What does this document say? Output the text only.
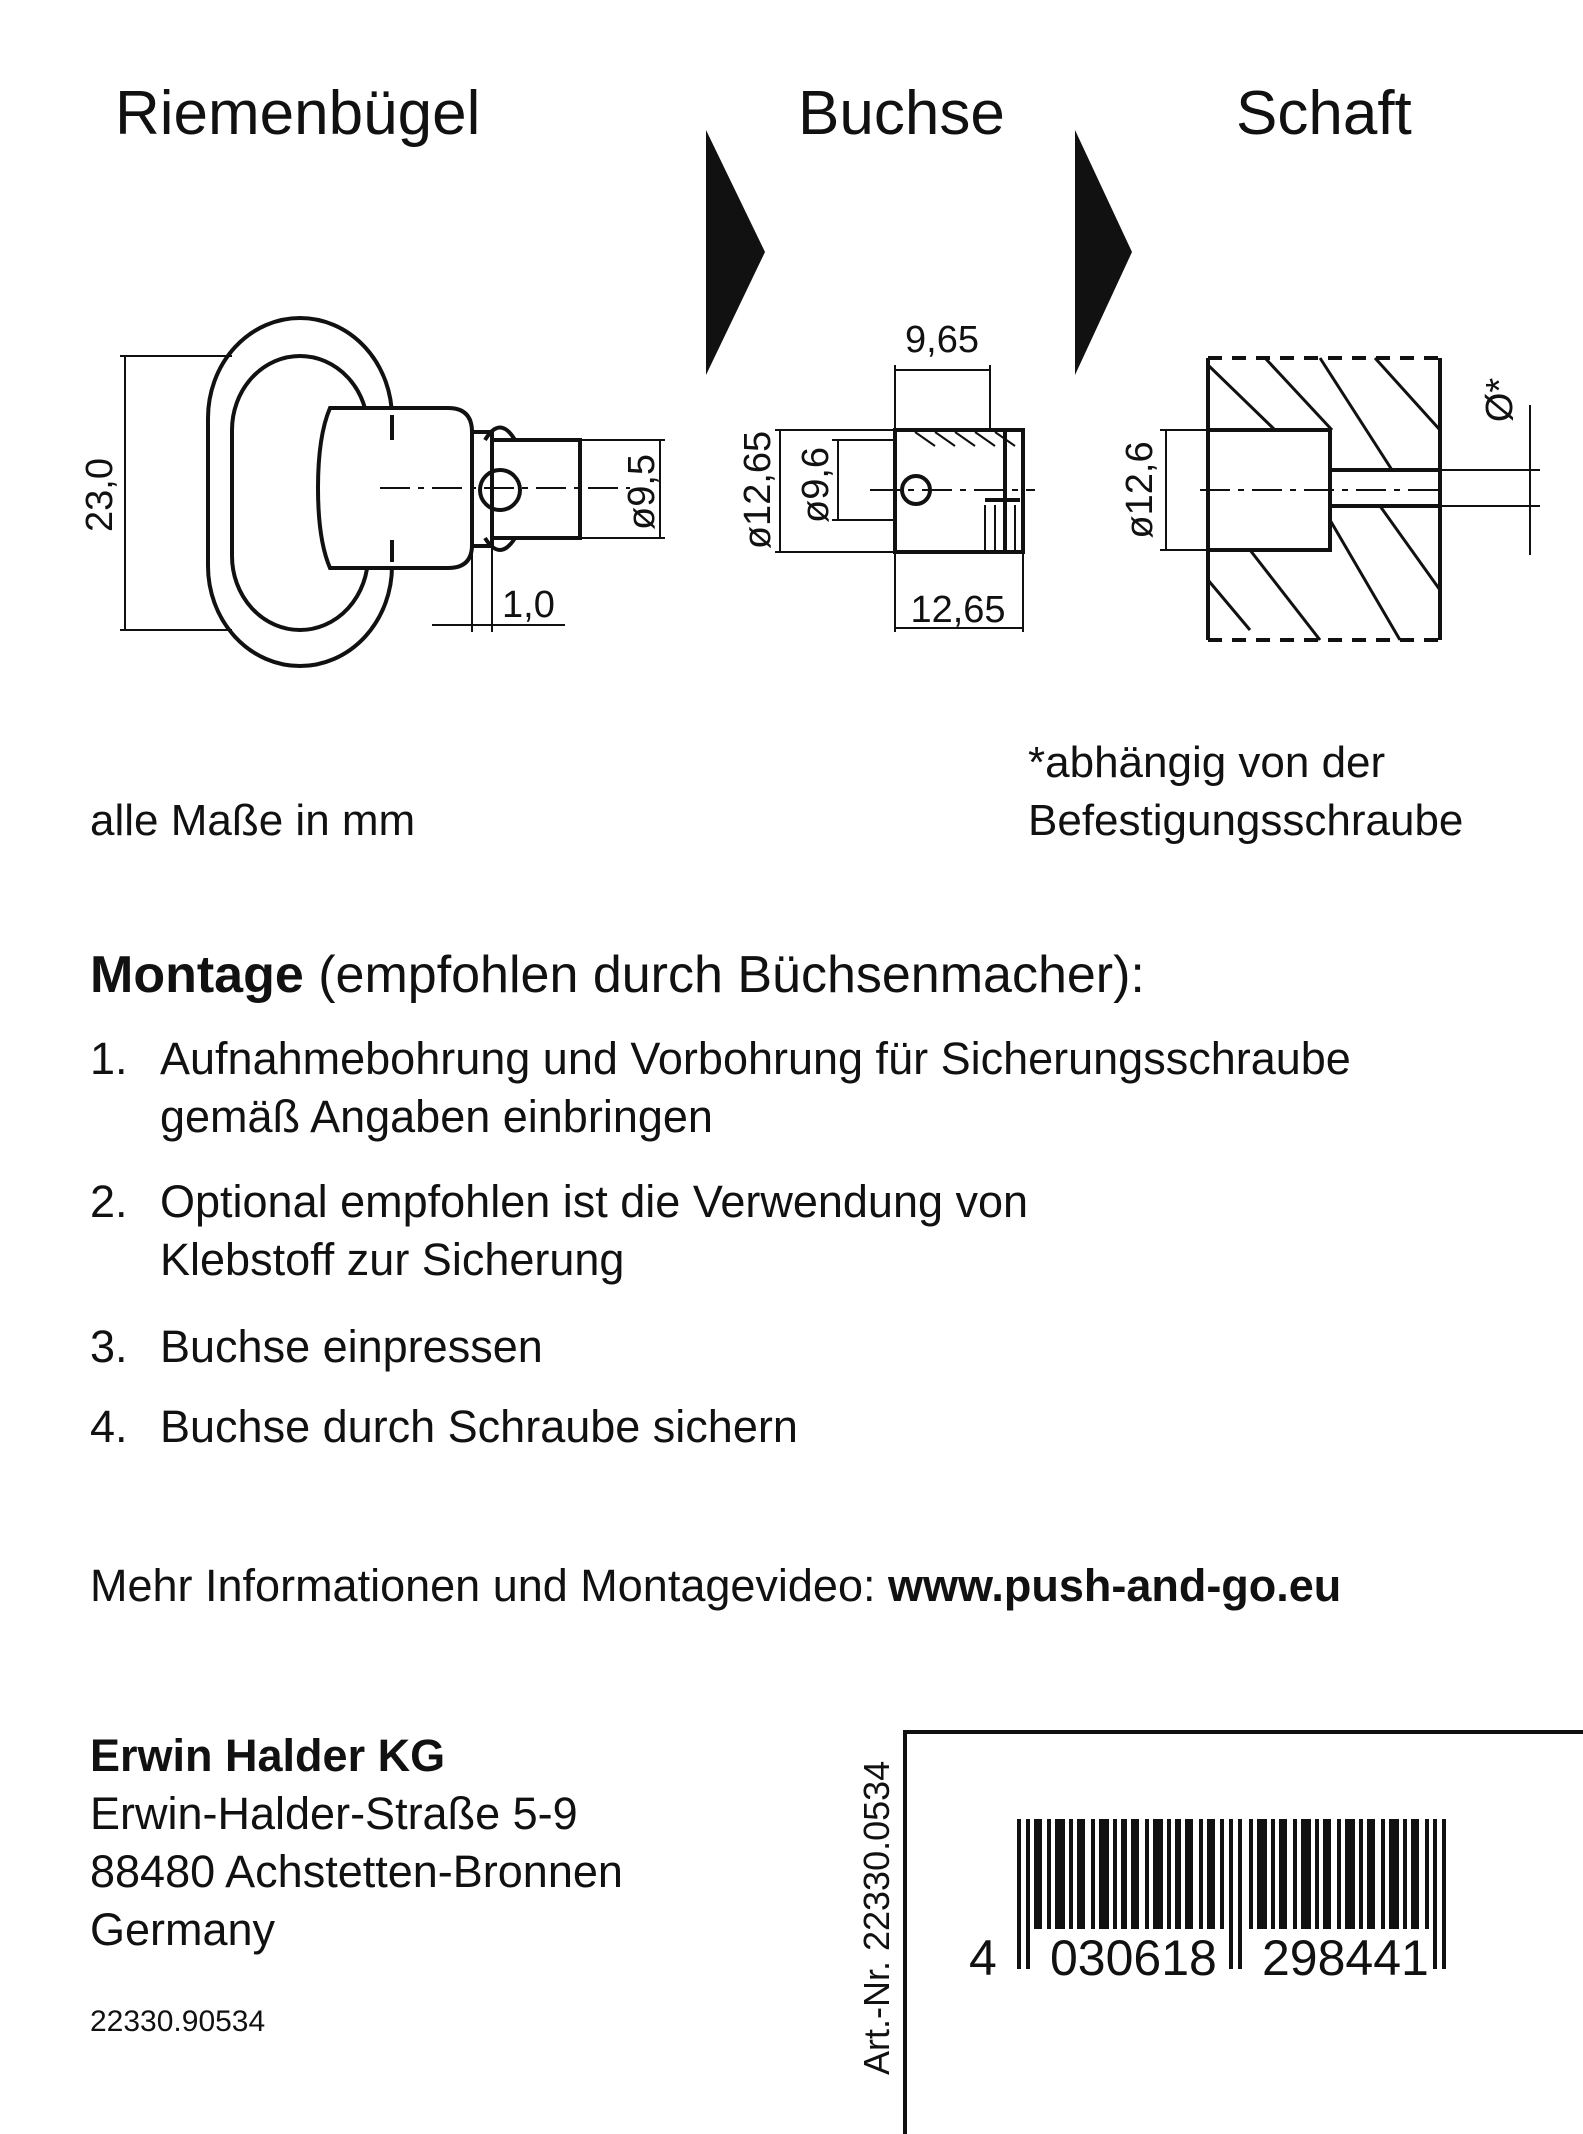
Riemenbügel	Buchse	Schaft
23,0	ø9,5
1,0
9,65
12,65
ø12,65 ø9,6	ø12,6
Ø*
alle Maße in mm
*abhängig von der
Befestigungsschraube
Montage (empfohlen durch Büchsenmacher):
1. Aufnahmebohrung und Vorbohrung für Sicherungsschraube
gemäß Angaben einbringen
2. Optional empfohlen ist die Verwendung von
Klebstoff zur Sicherung
3. Buchse einpressen
4. Buchse durch Schraube sichern
Mehr Informationen und Montagevideo: www.push-and-go.eu
Erwin Halder KG
Erwin-Halder-Straße 5-9
88480 Achstetten-Bronnen
Germany
22330.90534	Art.-Nr. 22330.0534 4 030618 298441
